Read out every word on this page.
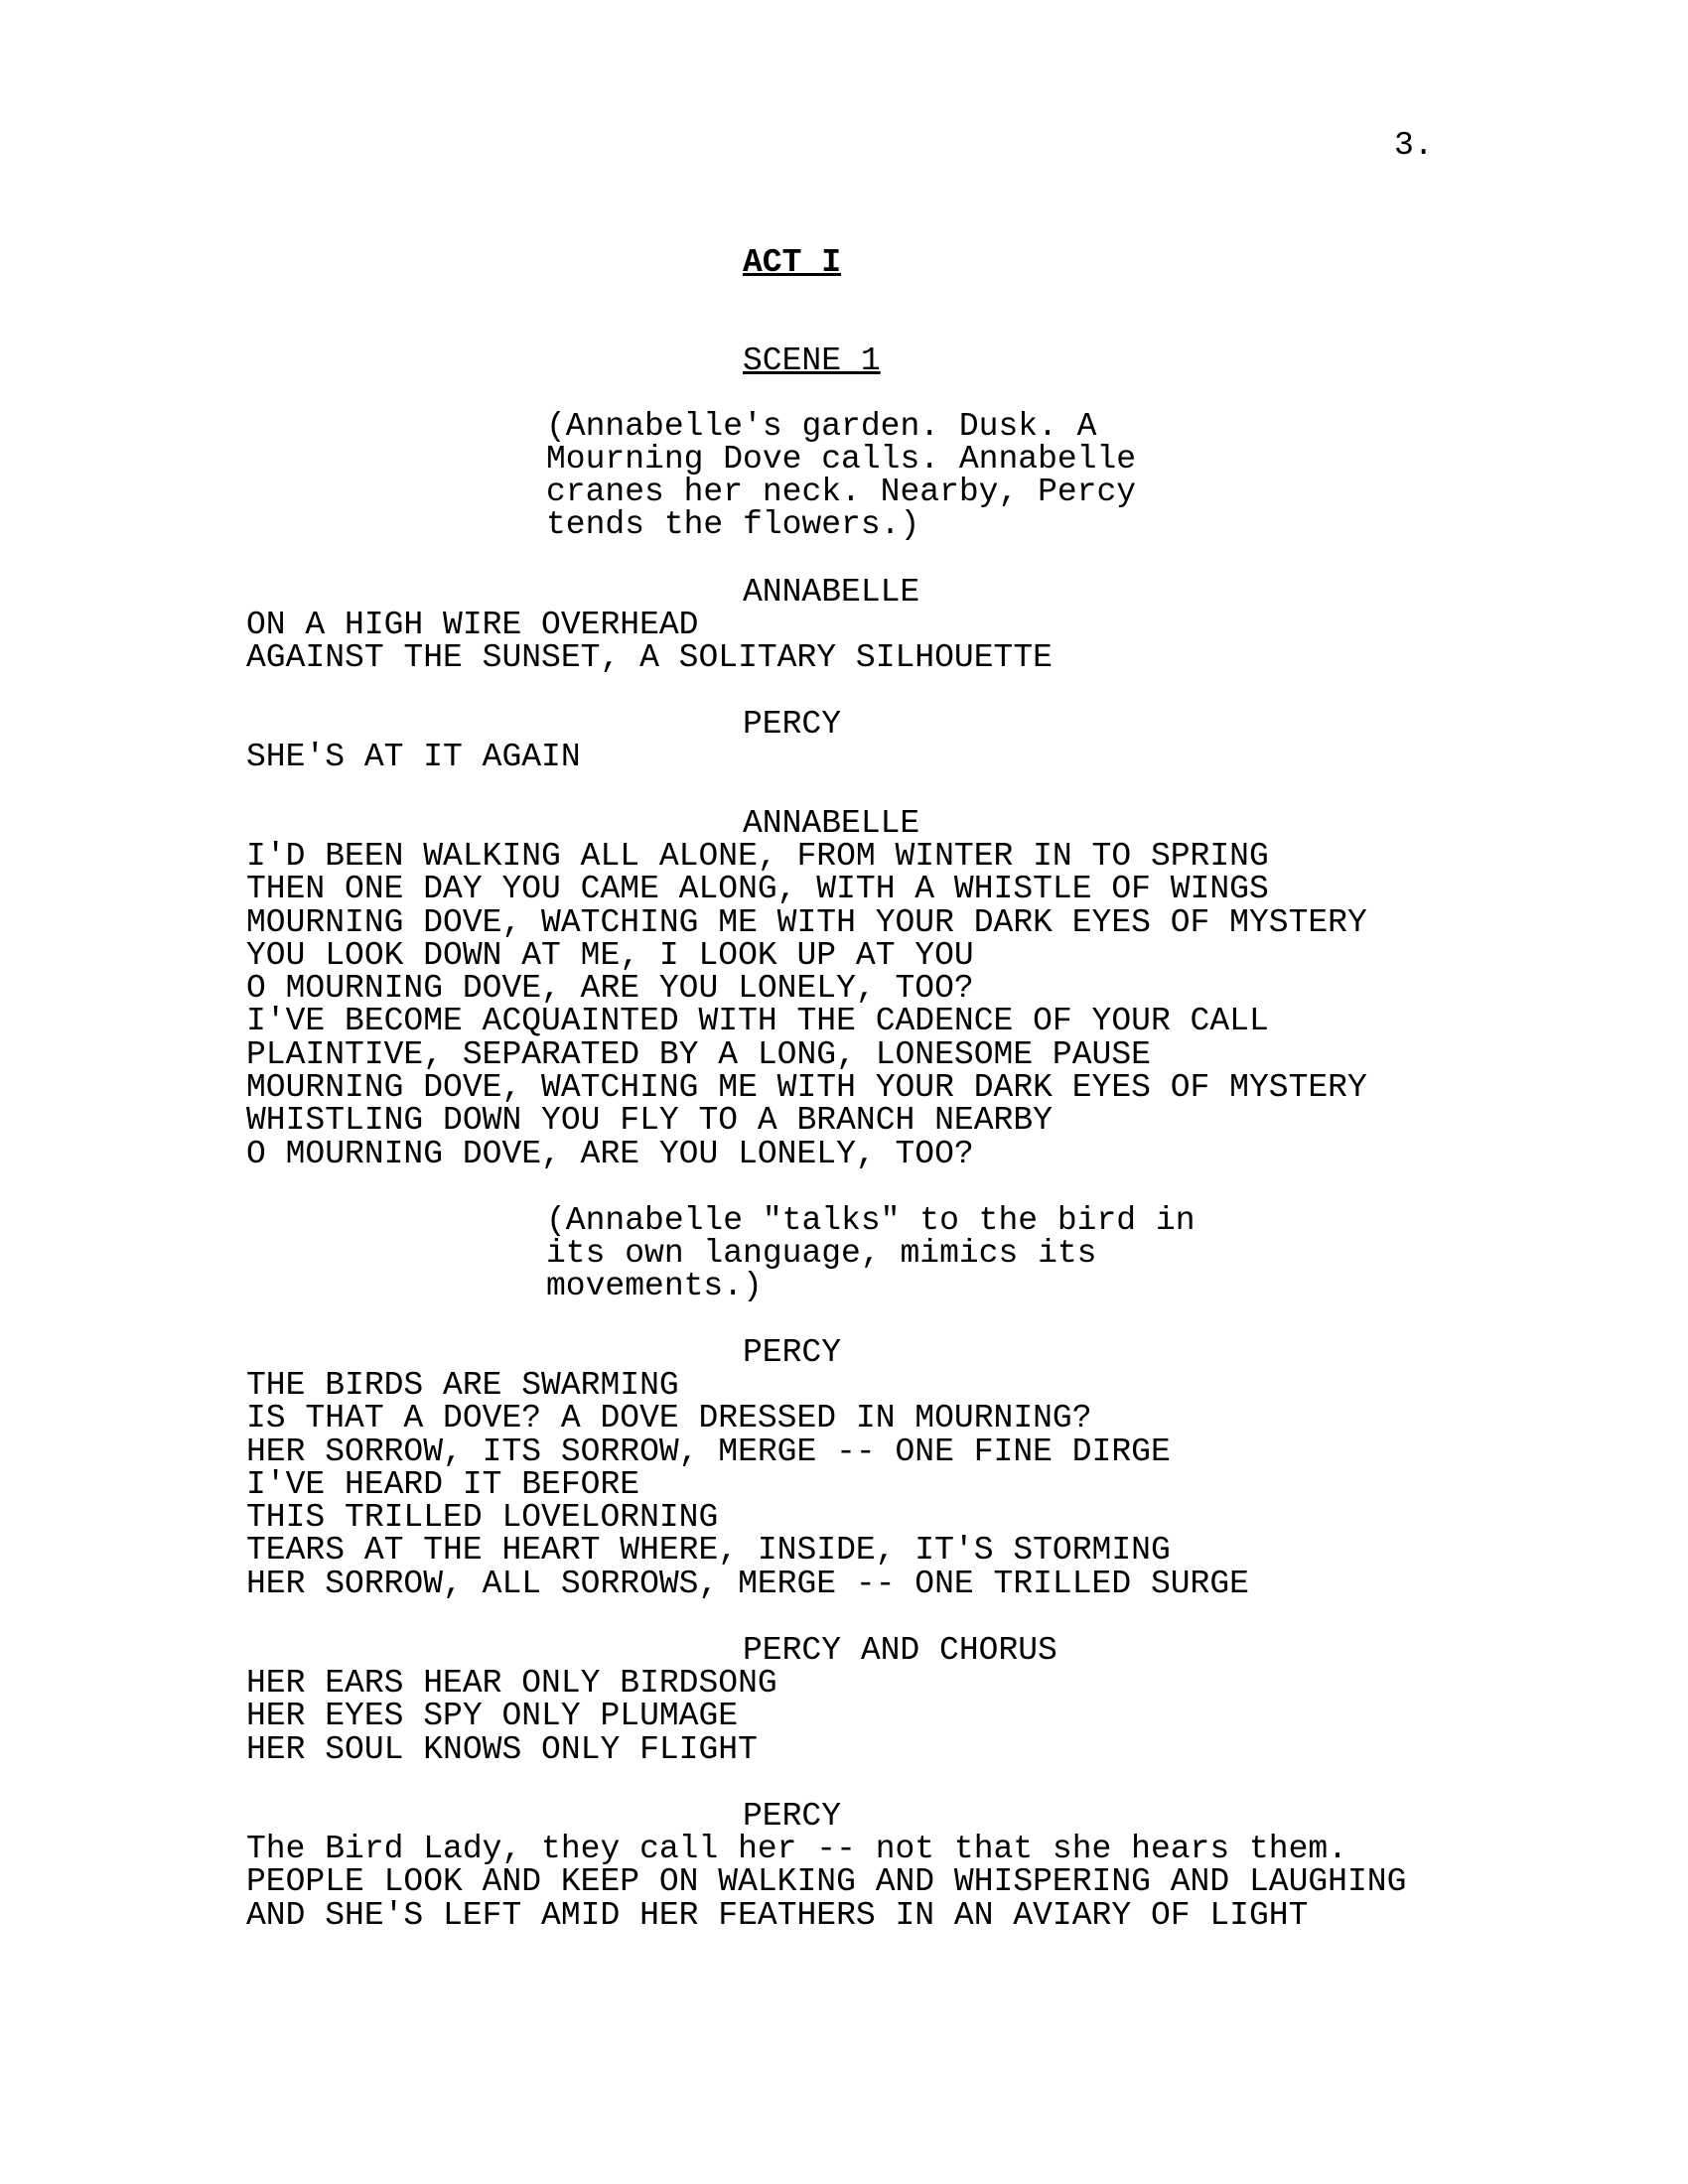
3.
ACT I
SCENE 1
(Annabelle's garden. Dusk. A
Mourning Dove calls. Annabelle
cranes her neck. Nearby, Percy
tends the flowers.)
ANNABELLE
ON A HIGH WIRE OVERHEAD
AGAINST THE SUNSET, A SOLITARY SILHOUETTE
PERCY
SHE'S AT IT AGAIN
ANNABELLE
I'D BEEN WALKING ALL ALONE, FROM WINTER IN TO SPRING
THEN ONE DAY YOU CAME ALONG, WITH A WHISTLE OF WINGS
MOURNING DOVE, WATCHING ME WITH YOUR DARK EYES OF MYSTERY
YOU LOOK DOWN AT ME, I LOOK UP AT YOU
O MOURNING DOVE, ARE YOU LONELY, TOO?
I'VE BECOME ACQUAINTED WITH THE CADENCE OF YOUR CALL
PLAINTIVE, SEPARATED BY A LONG, LONESOME PAUSE
MOURNING DOVE, WATCHING ME WITH YOUR DARK EYES OF MYSTERY
WHISTLING DOWN YOU FLY TO A BRANCH NEARBY
O MOURNING DOVE, ARE YOU LONELY, TOO?
(Annabelle "talks" to the bird in
its own language, mimics its
movements.)
PERCY
THE BIRDS ARE SWARMING
IS THAT A DOVE? A DOVE DRESSED IN MOURNING?
HER SORROW, ITS SORROW, MERGE -- ONE FINE DIRGE
I'VE HEARD IT BEFORE
THIS TRILLED LOVELORNING
TEARS AT THE HEART WHERE, INSIDE, IT'S STORMING
HER SORROW, ALL SORROWS, MERGE -- ONE TRILLED SURGE
PERCY AND CHORUS
HER EARS HEAR ONLY BIRDSONG
HER EYES SPY ONLY PLUMAGE
HER SOUL KNOWS ONLY FLIGHT
PERCY
The Bird Lady, they call her -- not that she hears them.
PEOPLE LOOK AND KEEP ON WALKING AND WHISPERING AND LAUGHING
AND SHE'S LEFT AMID HER FEATHERS IN AN AVIARY OF LIGHT
